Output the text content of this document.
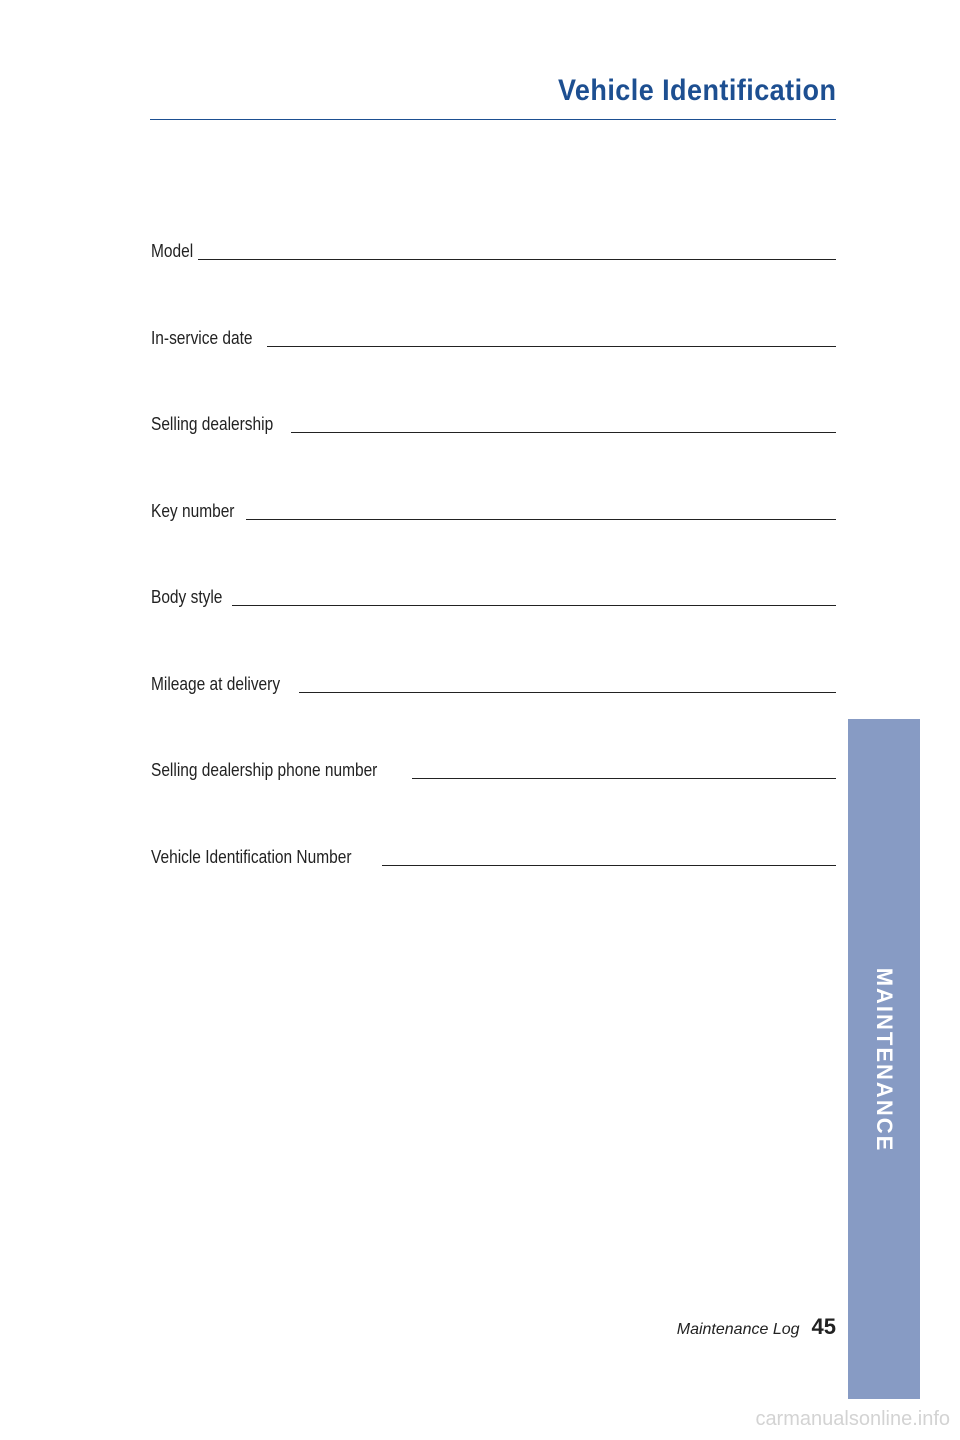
Vehicle Identification
Model
In-service date
Selling dealership
Key number
Body style
Mileage at delivery
Selling dealership phone number
Vehicle Identification Number
Maintenance Log 45
MAINTENANCE
carmanualsonline.info
